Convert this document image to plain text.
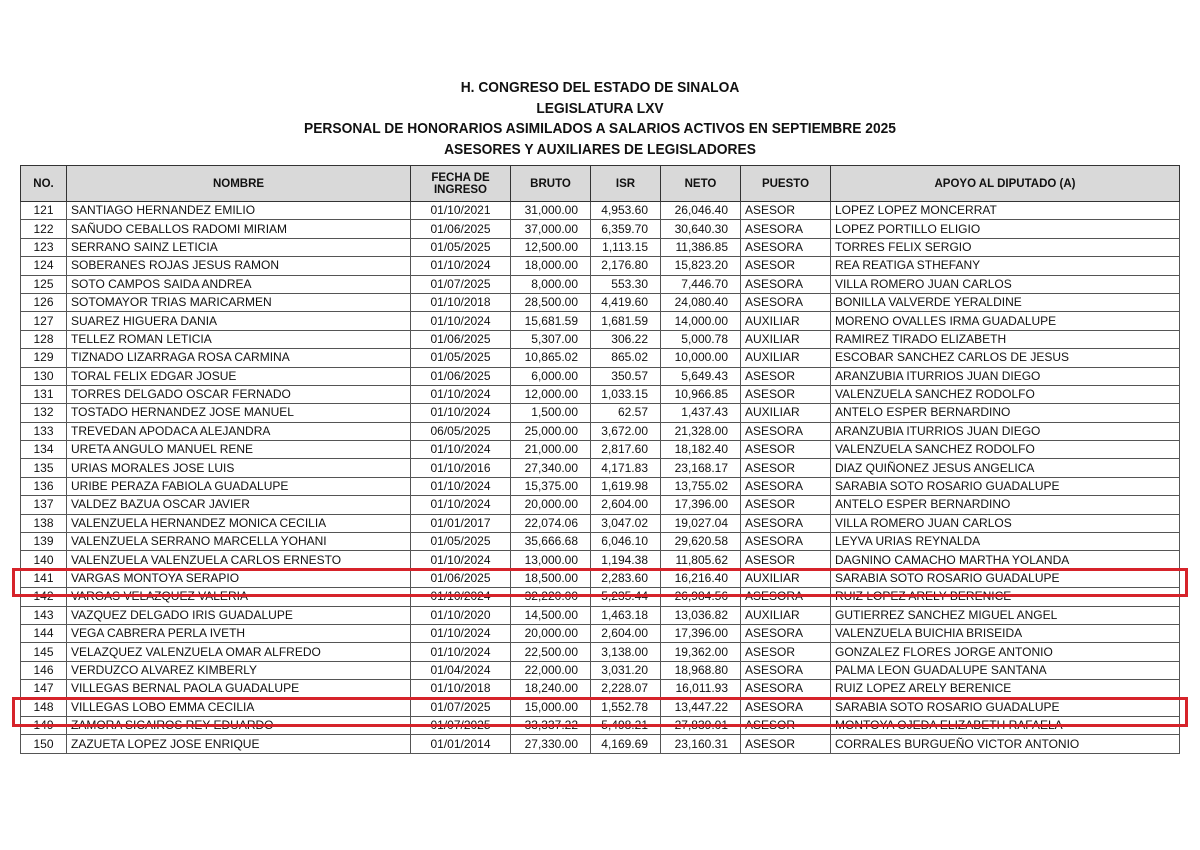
H. CONGRESO DEL ESTADO DE SINALOA
LEGISLATURA LXV
PERSONAL DE HONORARIOS ASIMILADOS A SALARIOS ACTIVOS EN SEPTIEMBRE 2025
ASESORES Y AUXILIARES DE LEGISLADORES
NO.	NOMBRE	FECHA DE INGRESO	BRUTO	ISR	NETO	PUESTO	APOYO AL DIPUTADO (A)
121	SANTIAGO HERNANDEZ EMILIO	01/10/2021	31,000.00	4,953.60	26,046.40	ASESOR	LOPEZ LOPEZ MONCERRAT
122	SAÑUDO CEBALLOS RADOMI MIRIAM	01/06/2025	37,000.00	6,359.70	30,640.30	ASESORA	LOPEZ PORTILLO ELIGIO
123	SERRANO SAINZ LETICIA	01/05/2025	12,500.00	1,113.15	11,386.85	ASESORA	TORRES FELIX SERGIO
124	SOBERANES ROJAS JESUS RAMON	01/10/2024	18,000.00	2,176.80	15,823.20	ASESOR	REA REATIGA STHEFANY
125	SOTO CAMPOS SAIDA ANDREA	01/07/2025	8,000.00	553.30	7,446.70	ASESORA	VILLA ROMERO JUAN CARLOS
126	SOTOMAYOR TRIAS MARICARMEN	01/10/2018	28,500.00	4,419.60	24,080.40	ASESORA	BONILLA VALVERDE YERALDINE
127	SUAREZ HIGUERA DANIA	01/10/2024	15,681.59	1,681.59	14,000.00	AUXILIAR	MORENO OVALLES IRMA GUADALUPE
128	TELLEZ ROMAN LETICIA	01/06/2025	5,307.00	306.22	5,000.78	AUXILIAR	RAMIREZ TIRADO ELIZABETH
129	TIZNADO LIZARRAGA ROSA CARMINA	01/05/2025	10,865.02	865.02	10,000.00	AUXILIAR	ESCOBAR SANCHEZ CARLOS DE JESUS
130	TORAL FELIX EDGAR JOSUE	01/06/2025	6,000.00	350.57	5,649.43	ASESOR	ARANZUBIA ITURRIOS JUAN DIEGO
131	TORRES DELGADO OSCAR FERNADO	01/10/2024	12,000.00	1,033.15	10,966.85	ASESOR	VALENZUELA SANCHEZ RODOLFO
132	TOSTADO HERNANDEZ JOSE MANUEL	01/10/2024	1,500.00	62.57	1,437.43	AUXILIAR	ANTELO ESPER BERNARDINO
133	TREVEDAN APODACA ALEJANDRA	06/05/2025	25,000.00	3,672.00	21,328.00	ASESORA	ARANZUBIA ITURRIOS JUAN DIEGO
134	URETA ANGULO MANUEL RENE	01/10/2024	21,000.00	2,817.60	18,182.40	ASESOR	VALENZUELA SANCHEZ RODOLFO
135	URIAS MORALES JOSE LUIS	01/10/2016	27,340.00	4,171.83	23,168.17	ASESOR	DIAZ QUIÑONEZ JESUS ANGELICA
136	URIBE PERAZA FABIOLA GUADALUPE	01/10/2024	15,375.00	1,619.98	13,755.02	ASESORA	SARABIA SOTO ROSARIO GUADALUPE
137	VALDEZ BAZUA OSCAR JAVIER	01/10/2024	20,000.00	2,604.00	17,396.00	ASESOR	ANTELO ESPER BERNARDINO
138	VALENZUELA HERNANDEZ MONICA CECILIA	01/01/2017	22,074.06	3,047.02	19,027.04	ASESORA	VILLA ROMERO JUAN CARLOS
139	VALENZUELA SERRANO MARCELLA YOHANI	01/05/2025	35,666.68	6,046.10	29,620.58	ASESORA	LEYVA URIAS REYNALDA
140	VALENZUELA VALENZUELA CARLOS ERNESTO	01/10/2024	13,000.00	1,194.38	11,805.62	ASESOR	DAGNINO CAMACHO MARTHA YOLANDA
141	VARGAS MONTOYA SERAPIO	01/06/2025	18,500.00	2,283.60	16,216.40	AUXILIAR	SARABIA SOTO ROSARIO GUADALUPE
142	VARGAS VELAZQUEZ VALERIA	01/10/2024	32,220.00	5,235.44	26,984.56	ASESORA	RUIZ LOPEZ ARELY BERENICE
143	VAZQUEZ DELGADO IRIS GUADALUPE	01/10/2020	14,500.00	1,463.18	13,036.82	AUXILIAR	GUTIERREZ SANCHEZ MIGUEL ANGEL
144	VEGA CABRERA PERLA IVETH	01/10/2024	20,000.00	2,604.00	17,396.00	ASESORA	VALENZUELA BUICHIA BRISEIDA
145	VELAZQUEZ VALENZUELA OMAR ALFREDO	01/10/2024	22,500.00	3,138.00	19,362.00	ASESOR	GONZALEZ FLORES JORGE ANTONIO
146	VERDUZCO ALVAREZ KIMBERLY	01/04/2024	22,000.00	3,031.20	18,968.80	ASESORA	PALMA LEON GUADALUPE SANTANA
147	VILLEGAS BERNAL PAOLA GUADALUPE	01/10/2018	18,240.00	2,228.07	16,011.93	ASESORA	RUIZ LOPEZ ARELY BERENICE
148	VILLEGAS LOBO EMMA CECILIA	01/07/2025	15,000.00	1,552.78	13,447.22	ASESORA	SARABIA SOTO ROSARIO GUADALUPE
149	ZAMORA SICAIROS REY EDUARDO	01/07/2025	33,337.22	5,498.21	27,839.01	ASESOR	MONTOYA OJEDA ELIZABETH RAFAELA
150	ZAZUETA LOPEZ JOSE ENRIQUE	01/01/2014	27,330.00	4,169.69	23,160.31	ASESOR	CORRALES BURGUEÑO VICTOR ANTONIO
